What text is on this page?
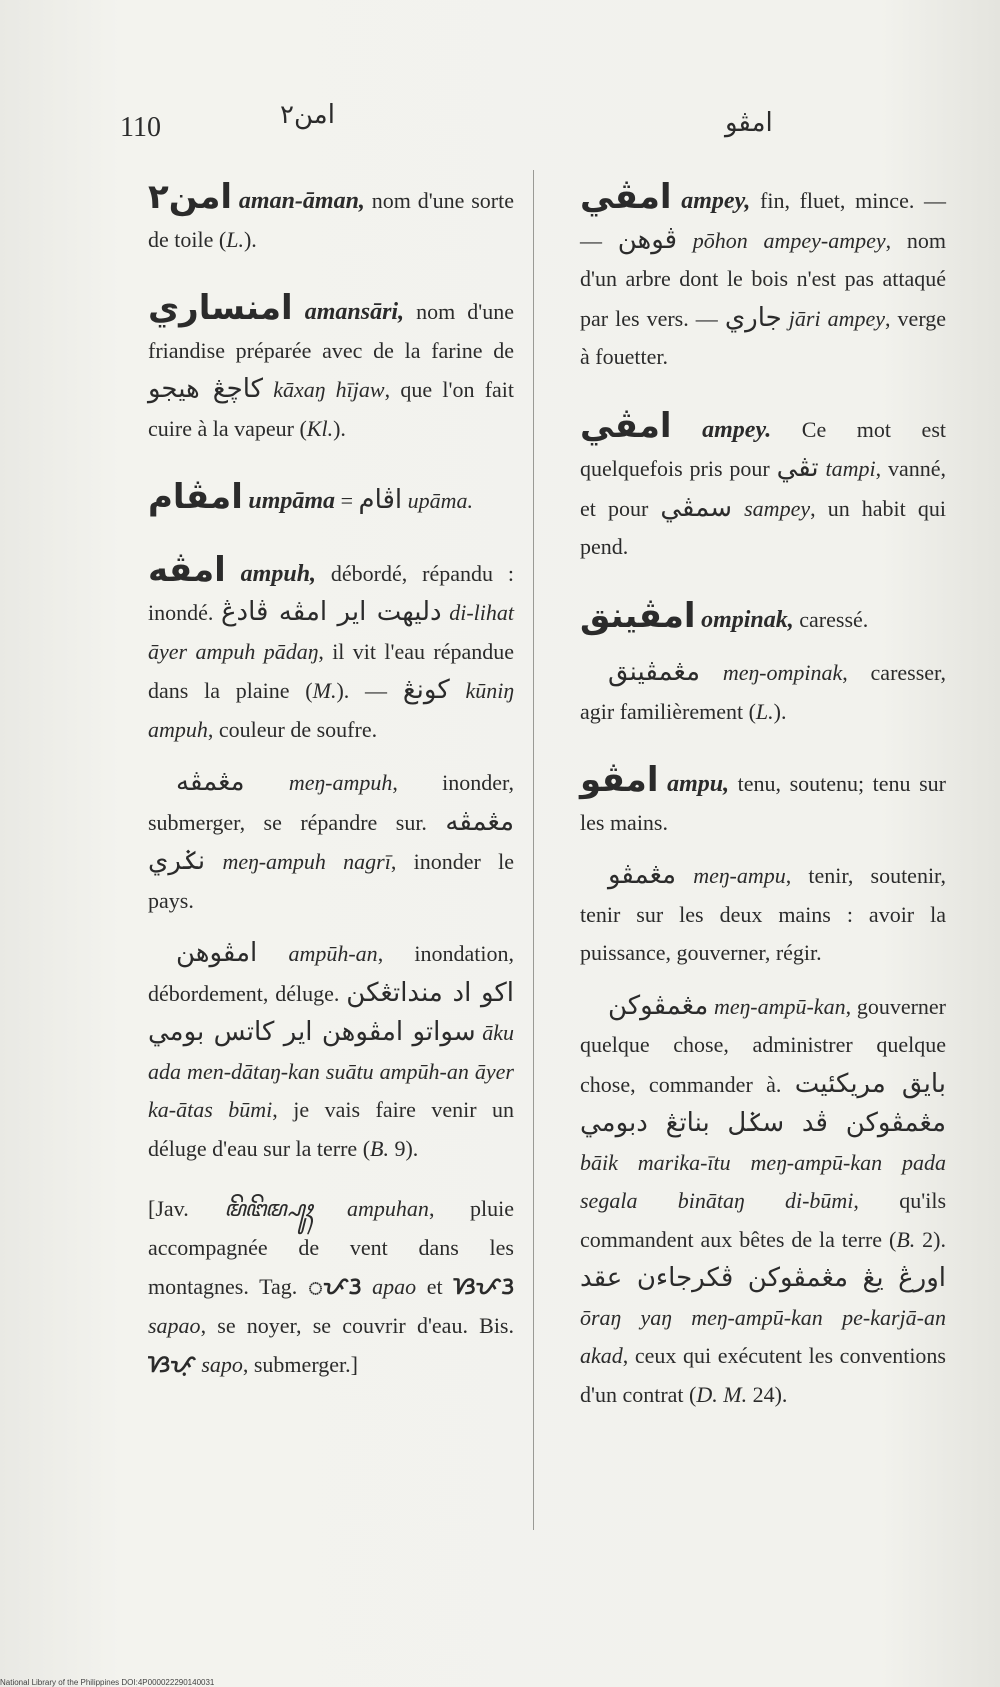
110	امن٢	امڤو

امن٢ aman-āman, nom d'une sorte de toile (L.).

امنساري amansāri, nom d'une friandise préparée avec de la farine de كاچڠ هيجو kāxaŋ hījaw, que l'on fait cuire à la vapeur (Kl.).

امڤام umpāma = اڤام upāma.

امڤه ampuh, débordé, répandu : inondé. دليهت اير امڤه ڤادڠ di-lihat āyer ampuh pādaŋ, il vit l'eau répandue dans la plaine (M.). — كونڠ kūniŋ ampuh, couleur de soufre.

مڠمڤه meŋ-ampuh, inonder, submerger, se répandre sur. مڠمڤه نݢري meŋ-ampuh nagrī, inonder le pays.

امڤوهن ampūh-an, inondation, débordement, déluge. اكو اد منداتڠكن سواتو امڤوهن اير كاتس بومي āku ada men-dātaŋ-kan suātu ampūh-an āyer ka-ātas būmi, je vais faire venir un déluge d'eau sur la terre (B. 9).

[Jav. ꦩꦼꦔꦼꦩ꧀ꦥꦸꦃ ampuhan, pluie accompagnée de vent dans les montagnes. Tag. ᜀᜉᜂ apao et ᜐᜉᜂ sapao, se noyer, se couvrir d'eau. Bis. ᜐᜉᜓ sapo, submerger.]

امڤي ampey, fin, fluet, mince. — — ڤوهن pōhon ampey-ampey, nom d'un arbre dont le bois n'est pas attaqué par les vers. — جاري jāri ampey, verge à fouetter.

امڤي ampey. Ce mot est quelquefois pris pour تڤي tampi, vanné, et pour سمڤي sampey, un habit qui pend.

امڤينق ompinak, caressé.

مڠمڤينق meŋ-ompinak, caresser, agir familièrement (L.).

امڤو ampu, tenu, soutenu; tenu sur les mains.

مڠمڤو meŋ-ampu, tenir, soutenir, tenir sur les deux mains : avoir la puissance, gouverner, régir.

مڠمڤوكن meŋ-ampū-kan, gouverner quelque chose, administrer quelque chose, commander à. بايق مريكئيت مڠمڤوكن ڤد سݢل بناتڠ دبومي bāik marika-ītu meŋ-ampū-kan pada segala binātaŋ di-būmi, qu'ils commandent aux bêtes de la terre (B. 2). اورڠ يڠ مڠمڤوكن ڤكرجاءن عقد ōraŋ yaŋ meŋ-ampū-kan pe-karjā-an akad, ceux qui exécutent les conventions d'un contrat (D. M. 24).

National Library of the Philippines DOI:4P000022290140031
